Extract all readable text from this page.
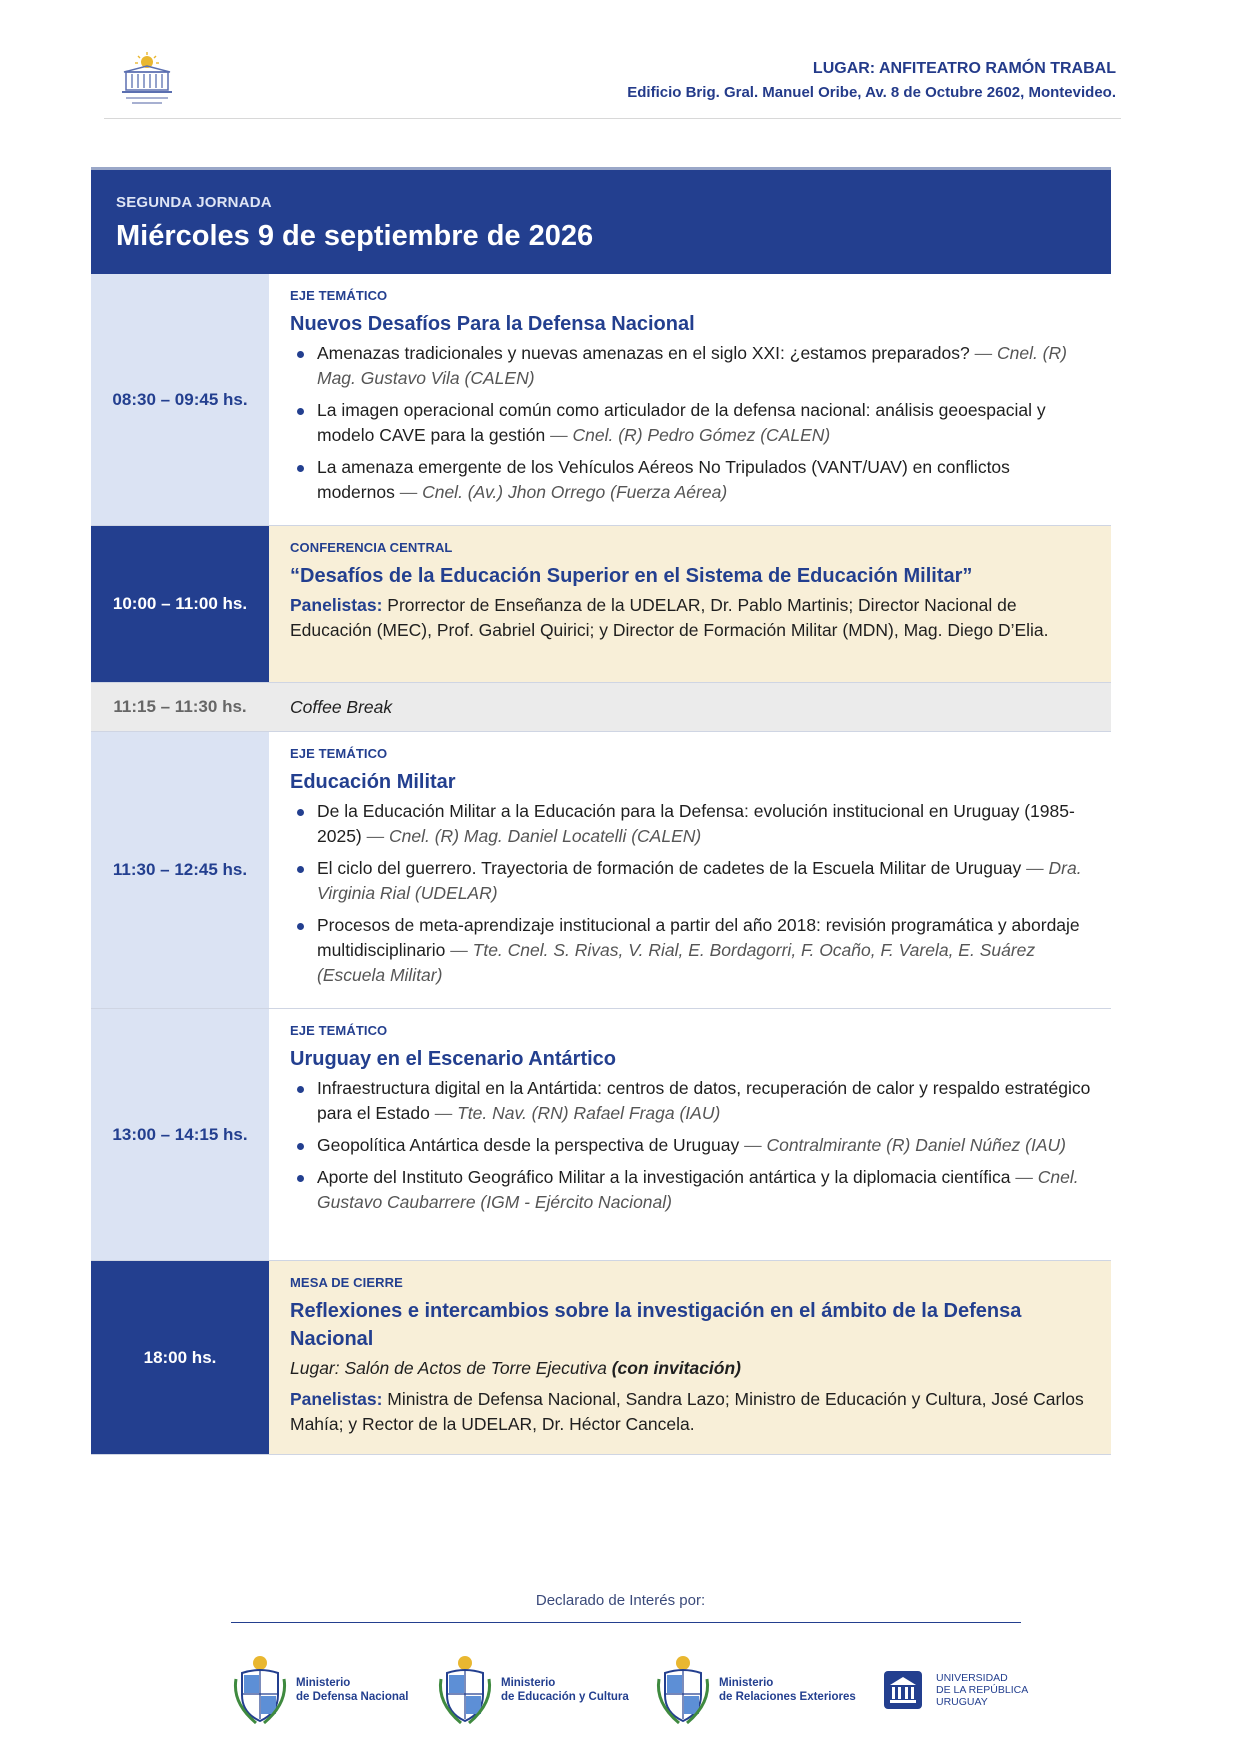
LUGAR: ANFITEATRO RAMÓN TRABAL
Edificio Brig. Gral. Manuel Oribe, Av. 8 de Octubre 2602, Montevideo.
SEGUNDA JORNADA
Miércoles 9 de septiembre de 2026
08:30 – 09:45 hs.
EJE TEMÁTICO
Nuevos Desafíos Para la Defensa Nacional
Amenazas tradicionales y nuevas amenazas en el siglo XXI: ¿estamos preparados? — Cnel. (R) Mag. Gustavo Vila (CALEN)
La imagen operacional común como articulador de la defensa nacional: análisis geoespacial y modelo CAVE para la gestión — Cnel. (R) Pedro Gómez (CALEN)
La amenaza emergente de los Vehículos Aéreos No Tripulados (VANT/UAV) en conflictos modernos — Cnel. (Av.) Jhon Orrego (Fuerza Aérea)
10:00 – 11:00 hs.
CONFERENCIA CENTRAL
“Desafíos de la Educación Superior en el Sistema de Educación Militar”
Panelistas: Prorrector de Enseñanza de la UDELAR, Dr. Pablo Martinis; Director Nacional de Educación (MEC), Prof. Gabriel Quirici; y Director de Formación Militar (MDN), Mag. Diego D’Elia.
11:15 – 11:30 hs.	Coffee Break
11:30 – 12:45 hs.
EJE TEMÁTICO
Educación Militar
De la Educación Militar a la Educación para la Defensa: evolución institucional en Uruguay (1985-2025) — Cnel. (R) Mag. Daniel Locatelli (CALEN)
El ciclo del guerrero. Trayectoria de formación de cadetes de la Escuela Militar de Uruguay — Dra. Virginia Rial (UDELAR)
Procesos de meta-aprendizaje institucional a partir del año 2018: revisión programática y abordaje multidisciplinario — Tte. Cnel. S. Rivas, V. Rial, E. Bordagorri, F. Ocaño, F. Varela, E. Suárez (Escuela Militar)
13:00 – 14:15 hs.
EJE TEMÁTICO
Uruguay en el Escenario Antártico
Infraestructura digital en la Antártida: centros de datos, recuperación de calor y respaldo estratégico para el Estado — Tte. Nav. (RN) Rafael Fraga (IAU)
Geopolítica Antártica desde la perspectiva de Uruguay — Contralmirante (R) Daniel Núñez (IAU)
Aporte del Instituto Geográfico Militar a la investigación antártica y la diplomacia científica — Cnel. Gustavo Caubarrere (IGM - Ejército Nacional)
18:00 hs.
MESA DE CIERRE
Reflexiones e intercambios sobre la investigación en el ámbito de la Defensa Nacional
Lugar: Salón de Actos de Torre Ejecutiva (con invitación)
Panelistas: Ministra de Defensa Nacional, Sandra Lazo; Ministro de Educación y Cultura, José Carlos Mahía; y Rector de la UDELAR, Dr. Héctor Cancela.
Declarado de Interés por:
Ministerio
de Defensa Nacional
Ministerio
de Educación y Cultura
Ministerio
de Relaciones Exteriores
UNIVERSIDAD
DE LA REPÚBLICA
URUGUAY
